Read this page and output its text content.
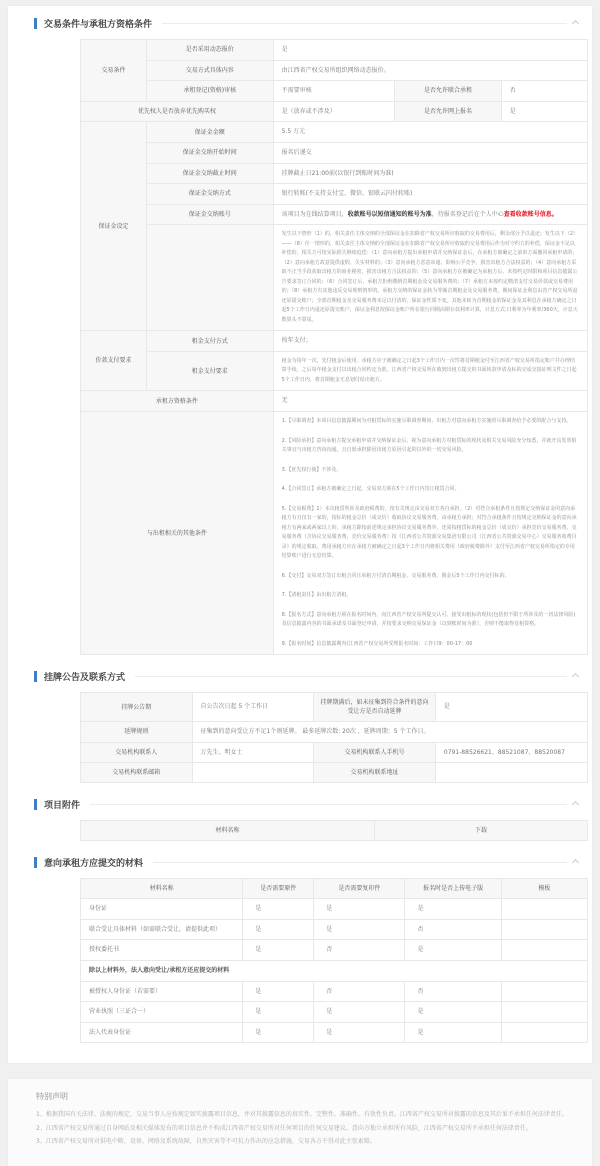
交易条件与承租方资格条件
交易条件	是否采用动态报价	是		
	交易方式具体内容	由江西省产权交易所组织网络动态报价。		
	承租登记(资格)审核	不需要审核	是否允许联合承租	否
优先权人是否放弃优先购买权		是（放弃或不涉及）	是否允许网上报名	是
保证金设定	保证金金额	5.5 万元		
	保证金交纳开始时间	报名后递交		
	保证金交纳截止时间	挂牌截止日21:00前(以银行到账时间为准)		
	保证金交纳方式	银行转账(不支持支付宝、微信、银联云闪付转账)		
	保证金交纳账号	该项目为在线结算项目，收款账号以短信通知的账号为准，待报名登记后在个人中心查看收款账号信息。		
		发生以下情形（1）的，相关责任主体交纳的全部保证金在扣除省产权交易所应收取的交易费用后，剩余部分予以退还；发生以下（2）——（8）任一情形的，相关责任主体交纳的全部保证金在扣除省产权交易所应收取的交易费用后作为对守约方的补偿，保证金不足以补偿的，相关方可按实际损失继续追偿：（1）意向承租方提出承租申请并交纳保证金后，在承租方被确定之前单方面撤回承租申请的；（2）意向承租方故意提供虚假、失实材料的；（3）意向承租方恶意串通、影响公平竞争，损害出租方合法权益的；（4）意向承租方采取不正当手段获取出租方的商业秘密，损害出租方合法权益的；（5）意向承租方在被确定为承租方后，未按约定时限和项目信息披露公告要求签订合同的；（6）合同签订后，承租方拒绝缴纳首期租金及交易服务费的；（7）承租方未按约定缴清支付交易价款或交易费用的；（8）承租方有其他违反交易规则情形的。承租方交纳的保证金转为等额首期租金及交易服务费，期间保证金利息由省产权交易所退还原提交账户；全部首期租金及交易服务费未足以付清的，保证金性质不变。其他未转为首期租金的保证金及其利息在承租方确定之日起5个工作日内退还原提交账户，保证金利息按保证金账户所在银行同期活期存款利率计算，计息方式:日利率为年利率/360天，计息天数算头不算尾。		
价款支付要求	租金支付方式	按年支付；		
	租金支付要求	租金为每年一次，先付租金后使用。承租方应于被确定之日起3个工作日内一次性将首期租金付至江西省产权交易所指定账户并办理结算手续，之后每年租金支付以出租合同约定为准。江西省产权交易所在收到出租方提交的书面转款申请及标的完成交接证明文件之日起5个工作日内，将首期租金无息划付给出租方。		
承租方资格条件		无		
与出租相关的其他条件	

1.【尽职调查】本项目信息披露期间为对租赁标的实施尽职调查期间，出租方对意向承租方实施的尽职调查给予必要的配合与支持。

2.【风险承担】意向承租方提交承租申请并交纳保证金后，视为意向承租方对租赁标的现状及相关交易风险充分知悉，并就开具发票相关事宜与出租方咨询沟通，且自愿承担除因出租方原因引起的以外的一切交易风险。

3.【优先权行使】不涉及。

4.【合同签订】承租方被确定之日起，交易双方须在5个工作日内签订租赁合同。

5.【交易税费】1）本次租赁所涉及政府税费的，按有关规定由交易双方各自承担。（2）对符合承租条件且按规定交纳保证金的意向承租方有且仅有一家的，按标的租金总价（成交价）收取协议交易服务费，由承租方承担；对符合承租条件且按规定交纳保证金的意向承租方有两家或两家以上的，承租方除按前述规定承担协议交易服务费外，还需按租赁标的租金总价（成交价）承担竞价交易服务费，交易服务费（含协议交易服务费、竞价交易服务费）按《江西省公共资源交易集团有限公司（江西省公共资源交易中心）交易服务收费目录》的规定收取。费用承租方应在承租方被确定之日起3个工作日内将相关费用（政府税费除外）支付至江西省产权交易所指定的专用结算账户进行无息结算。

6.【交付】交易双方签订出租合同且承租方付清首期租金、交易服务费、佣金后5个工作日内交付标的。

7.【清租责任】由出租方清租。

8.【报名方式】意向承租方须在报名时间内，向江西省产权交易所提交认可、接受出租标的现状(包括但不限于所涉及的一切法律风险)及信息披露内容的书面承诺及书面登记申请，并按要求交纳交易保证金（以到账时间为准），否则不能取得竞租资格。

9.【报名时间】信息披露期内(江西省产权交易所受理报名时间：工作日9：00-17：00

挂牌公告及联系方式
挂牌公告期	自公告次日起 5 个工作日	挂牌期满后，如未征集到符合条件的意向受让方是否自动延牌	是
延牌规则	征集到的意向受让方不足1个则延牌。 最多延牌次数: 20次 ，延牌周期：5 个工作日。		
交易机构联系人	万先生、明女士	交易机构联系人手机号	0791-88526621、88521087、88520087
交易机构联系邮箱		交易机构联系地址	
项目附件
材料名称	下载
意向承租方应提交的材料
材料名称	是否需要原件	是否需要复印件	报名时是否上传电子版	模板
身份证	是	是	是	
联合受让具体材料（如需联合受让，请提供此项）	是	是	否	
授权委托书	是	否	是	
除以上材料外，法人意向受让/承租方还应提交的材料				
被授权人身份证（若需要）	是	否	否	
营业执照（三证合一）	是	是	是	
法人代表身份证	是	是	是	
特别声明

1、根据我国有关法律、法规的规定，交易当事人应按规定如实披露项目信息，并对其披露信息的真实性、完整性、准确性、有效性负责。江西省产权交易所对披露的信息及其后果不承担任何法律责任。

2、江西省产权交易所通过自身网站及相关媒体发布的项目信息并不构成江西省产权交易所对任何项目的任何交易建议。意向方独立承担所有风险，江西省产权交易所不承担任何法律责任。

3、江西省产权交易所对供电中断，设备、网络及系统故障，自然灾害等不可抗力作出的应急措施，交易各方不得对此主张索赔。
